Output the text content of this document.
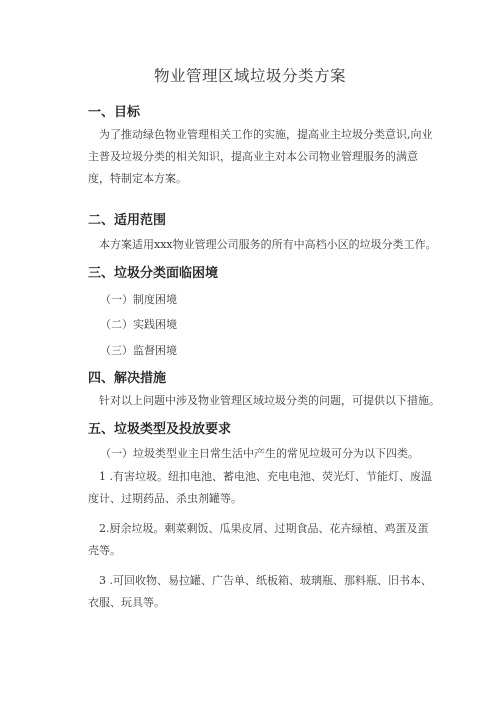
物业管理区域垃圾分类方案
一、目标
为了推动绿色物业管理相关工作的实施，提高业主垃圾分类意识,向业主普及垃圾分类的相关知识，提高业主对本公司物业管理服务的满意度，特制定本方案。
二、适用范围
本方案适用xxx物业管理公司服务的所有中高档小区的垃圾分类工作。
三、垃圾分类面临困境
（一）制度困境
（二）实践困境
（三）监督困境
四、解决措施
针对以上问题中涉及物业管理区域垃圾分类的问题，可提供以下措施。
五、垃圾类型及投放要求
（一）垃圾类型业主日常生活中产生的常见垃圾可分为以下四类。
1 .有害垃圾。纽扣电池、蓄电池、充电电池、荧光灯、节能灯、废温度计、过期药品、杀虫剂罐等。
2.厨余垃圾。剩菜剩饭、瓜果皮屑、过期食品、花卉绿植、鸡蛋及蛋壳等。
3 .可回收物、易拉罐、广告单、纸板箱、玻璃瓶、那料瓶、旧书本、衣服、玩具等。
